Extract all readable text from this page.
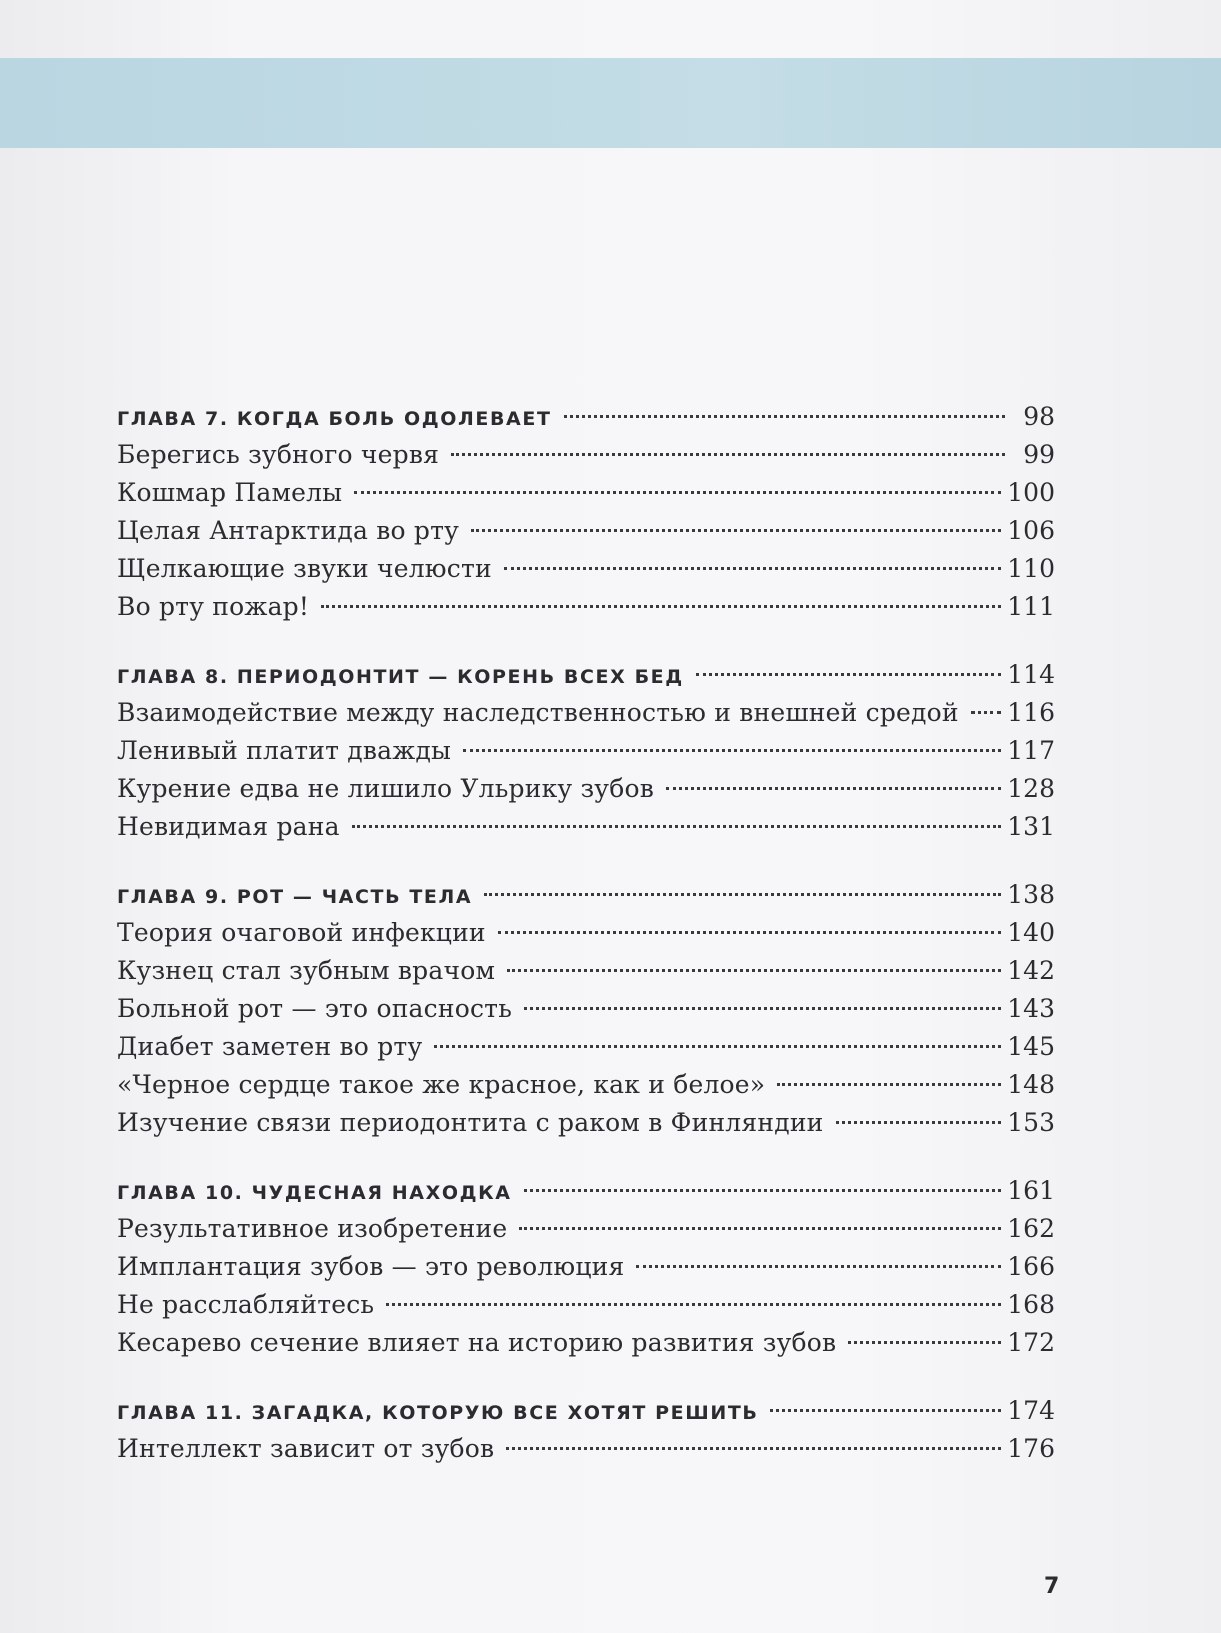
ГЛАВА 7. КОГДА БОЛЬ ОДОЛЕВАЕТ	98
Берегись зубного червя	99
Кошмар Памелы	100
Целая Антарктида во рту	106
Щелкающие звуки челюсти	110
Во рту пожар!	111
ГЛАВА 8. ПЕРИОДОНТИТ — КОРЕНЬ ВСЕХ БЕД	114
Взаимодействие между наследственностью и внешней средой 116
Ленивый платит дважды	117
Курение едва не лишило Ульрику зубов	128
Невидимая рана	131
ГЛАВА 9. РОТ — ЧАСТЬ ТЕЛА	138
Теория очаговой инфекции	140
Кузнец стал зубным врачом	142
Больной рот — это опасность	143
Диабет заметен во рту	145
«Черное сердце такое же красное, как и белое»	148
Изучение связи периодонтита с раком в Финляндии	153
ГЛАВА 10. ЧУДЕСНАЯ НАХОДКА	161
Результативное изобретение	162
Имплантация зубов — это революция	166
Не расслабляйтесь	168
Кесарево сечение влияет на историю развития зубов	172
ГЛАВА 11. ЗАГАДКА, КОТОРУЮ ВСЕ ХОТЯТ РЕШИТЬ	174
Интеллект зависит от зубов	176
7
